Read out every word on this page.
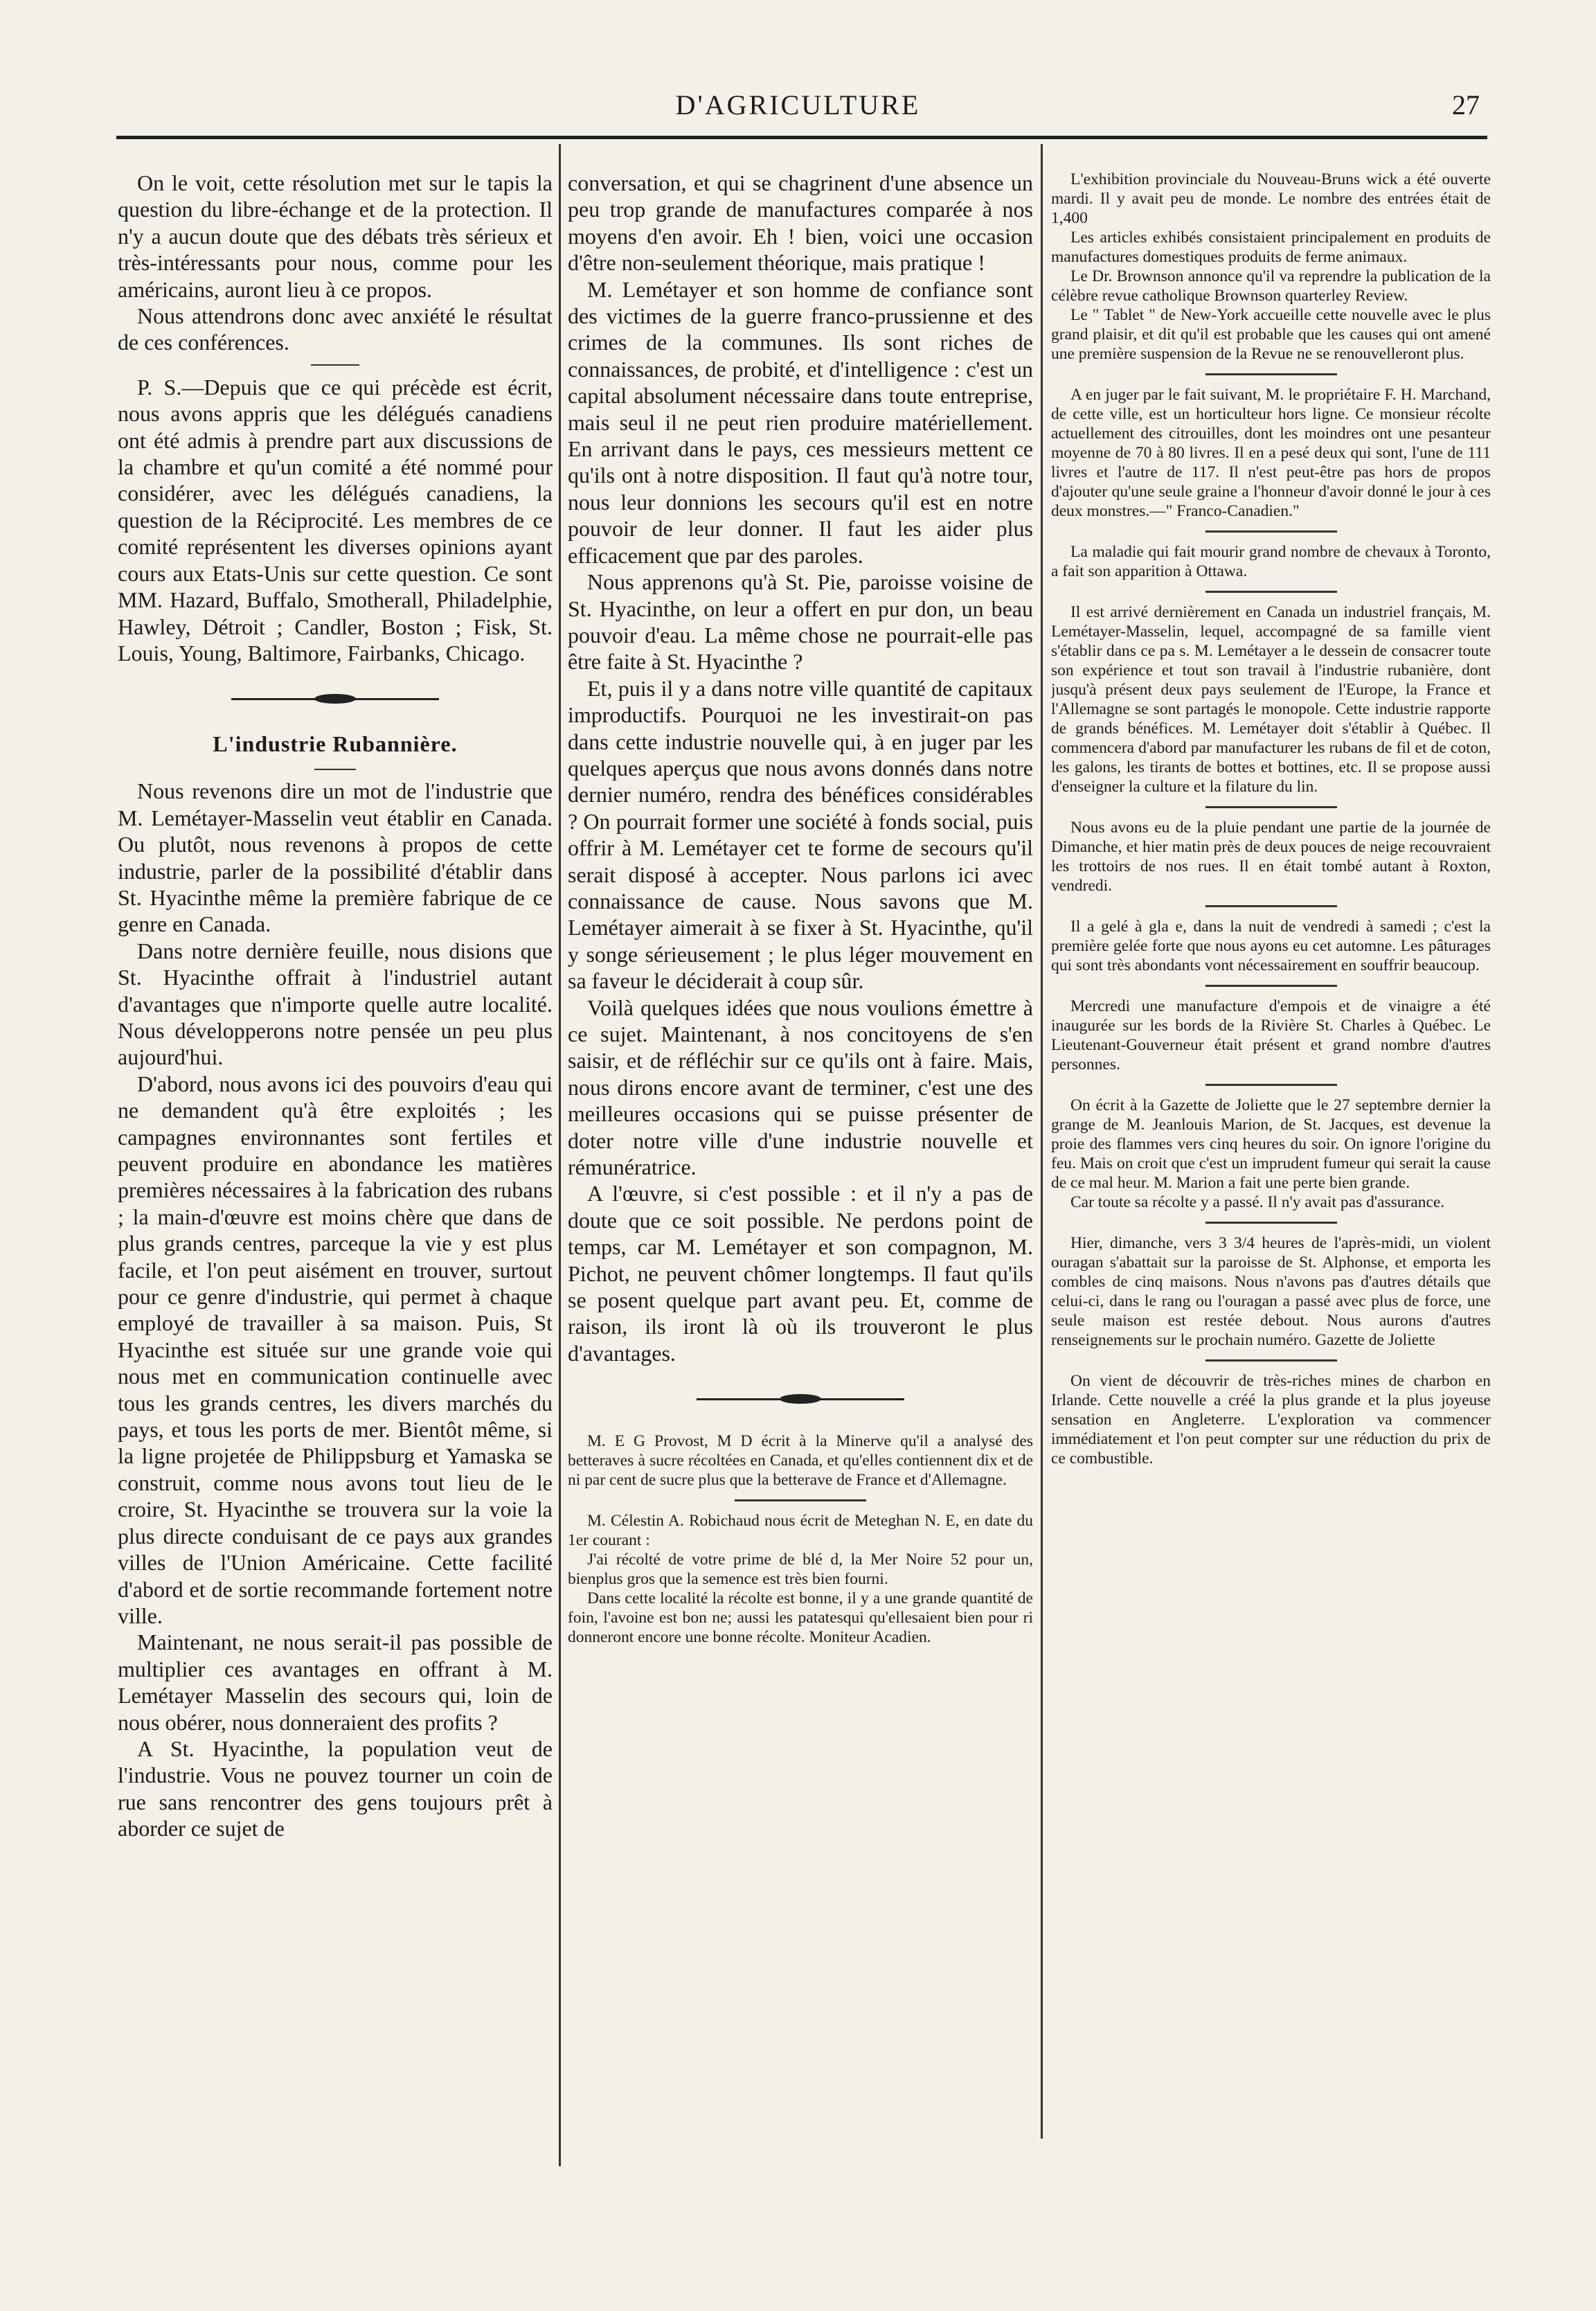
D'AGRICULTURE	27

On le voit, cette résolution met sur le tapis la question du libre-échange et de la protection. Il n'y a aucun doute que des débats très sérieux et très-intéressants pour nous, comme pour les américains, auront lieu à ce propos.

Nous attendrons donc avec anxiété le résultat de ces conférences.

P. S.—Depuis que ce qui précède est écrit, nous avons appris que les délégués canadiens ont été admis à prendre part aux discussions de la chambre et qu'un comité a été nommé pour considérer, avec les délégués canadiens, la question de la Réciprocité. Les membres de ce comité représentent les diverses opinions ayant cours aux Etats-Unis sur cette question. Ce sont MM. Hazard, Buffalo, Smotherall, Philadelphie, Hawley, Détroit ; Candler, Boston ; Fisk, St. Louis, Young, Baltimore, Fairbanks, Chicago.

L'industrie Rubannière.

Nous revenons dire un mot de l'industrie que M. Lemétayer-Masselin veut établir en Canada. Ou plutôt, nous revenons à propos de cette industrie, parler de la possibilité d'établir dans St. Hyacinthe même la première fabrique de ce genre en Canada.

Dans notre dernière feuille, nous disions que St. Hyacinthe offrait à l'industriel autant d'avantages que n'importe quelle autre localité. Nous développerons notre pensée un peu plus aujourd'hui.

D'abord, nous avons ici des pouvoirs d'eau qui ne demandent qu'à être exploités ; les campagnes environnantes sont fertiles et peuvent produire en abondance les matières premières nécessaires à la fabrication des rubans ; la main-d'œuvre est moins chère que dans de plus grands centres, parceque la vie y est plus facile, et l'on peut aisément en trouver, surtout pour ce genre d'industrie, qui permet à chaque employé de travailler à sa maison. Puis, St Hyacinthe est située sur une grande voie qui nous met en communication continuelle avec tous les grands centres, les divers marchés du pays, et tous les ports de mer. Bientôt même, si la ligne projetée de Philippsburg et Yamaska se construit, comme nous avons tout lieu de le croire, St. Hyacinthe se trouvera sur la voie la plus directe conduisant de ce pays aux grandes villes de l'Union Américaine. Cette facilité d'abord et de sortie recommande fortement notre ville.

Maintenant, ne nous serait-il pas possible de multiplier ces avantages en offrant à M. Lemétayer Masselin des secours qui, loin de nous obérer, nous donneraient des profits ?

A St. Hyacinthe, la population veut de l'industrie. Vous ne pouvez tourner un coin de rue sans rencontrer des gens toujours prêt à aborder ce sujet de

conversation, et qui se chagrinent d'une absence un peu trop grande de manufactures comparée à nos moyens d'en avoir. Eh ! bien, voici une occasion d'être non-seulement théorique, mais pratique !

M. Lemétayer et son homme de confiance sont des victimes de la guerre franco-prussienne et des crimes de la communes. Ils sont riches de connaissances, de probité, et d'intelligence : c'est un capital absolument nécessaire dans toute entreprise, mais seul il ne peut rien produire matériellement. En arrivant dans le pays, ces messieurs mettent ce qu'ils ont à notre disposition. Il faut qu'à notre tour, nous leur donnions les secours qu'il est en notre pouvoir de leur donner. Il faut les aider plus efficacement que par des paroles.

Nous apprenons qu'à St. Pie, paroisse voisine de St. Hyacinthe, on leur a offert en pur don, un beau pouvoir d'eau. La même chose ne pourrait-elle pas être faite à St. Hyacinthe ?

Et, puis il y a dans notre ville quantité de capitaux improductifs. Pourquoi ne les investirait-on pas dans cette industrie nouvelle qui, à en juger par les quelques aperçus que nous avons donnés dans notre dernier numéro, rendra des bénéfices considérables ? On pourrait former une société à fonds social, puis offrir à M. Lemétayer cet te forme de secours qu'il serait disposé à accepter. Nous parlons ici avec connaissance de cause. Nous savons que M. Lemétayer aimerait à se fixer à St. Hyacinthe, qu'il y songe sérieusement ; le plus léger mouvement en sa faveur le déciderait à coup sûr.

Voilà quelques idées que nous voulions émettre à ce sujet. Maintenant, à nos concitoyens de s'en saisir, et de réfléchir sur ce qu'ils ont à faire. Mais, nous dirons encore avant de terminer, c'est une des meilleures occasions qui se puisse présenter de doter notre ville d'une industrie nouvelle et rémunératrice.

A l'œuvre, si c'est possible : et il n'y a pas de doute que ce soit possible. Ne perdons point de temps, car M. Lemétayer et son compagnon, M. Pichot, ne peuvent chômer longtemps. Il faut qu'ils se posent quelque part avant peu. Et, comme de raison, ils iront là où ils trouveront le plus d'avantages.

M. E G Provost, M D écrit à la Minerve qu'il a analysé des betteraves à sucre récoltées en Canada, et qu'elles contiennent dix et de ni par cent de sucre plus que la betterave de France et d'Allemagne.

M. Célestin A. Robichaud nous écrit de Meteghan N. E, en date du 1er courant :

J'ai récolté de votre prime de blé d, la Mer Noire 52 pour un, bienplus gros que la semence est très bien fourni.

Dans cette localité la récolte est bonne, il y a une grande quantité de foin, l'avoine est bon ne; aussi les patatesqui qu'ellesaient bien pour ri donneront encore une bonne récolte. Moniteur Acadien.

L'exhibition provinciale du Nouveau-Bruns wick a été ouverte mardi. Il y avait peu de monde. Le nombre des entrées était de 1,400

Les articles exhibés consistaient principalement en produits de manufactures domestiques produits de ferme animaux.

Le Dr. Brownson annonce qu'il va reprendre la publication de la célèbre revue catholique Brownson quarterley Review.

Le " Tablet " de New-York accueille cette nouvelle avec le plus grand plaisir, et dit qu'il est probable que les causes qui ont amené une première suspension de la Revue ne se renouvelleront plus.

A en juger par le fait suivant, M. le propriétaire F. H. Marchand, de cette ville, est un horticulteur hors ligne. Ce monsieur récolte actuellement des citrouilles, dont les moindres ont une pesanteur moyenne de 70 à 80 livres. Il en a pesé deux qui sont, l'une de 111 livres et l'autre de 117. Il n'est peut-être pas hors de propos d'ajouter qu'une seule graine a l'honneur d'avoir donné le jour à ces deux monstres.—" Franco-Canadien."

La maladie qui fait mourir grand nombre de chevaux à Toronto, a fait son apparition à Ottawa.

Il est arrivé dernièrement en Canada un industriel français, M. Lemétayer-Masselin, lequel, accompagné de sa famille vient s'établir dans ce pa s. M. Lemétayer a le dessein de consacrer toute son expérience et tout son travail à l'industrie rubanière, dont jusqu'à présent deux pays seulement de l'Europe, la France et l'Allemagne se sont partagés le monopole. Cette industrie rapporte de grands bénéfices. M. Lemétayer doit s'établir à Québec. Il commencera d'abord par manufacturer les rubans de fil et de coton, les galons, les tirants de bottes et bottines, etc. Il se propose aussi d'enseigner la culture et la filature du lin.

Nous avons eu de la pluie pendant une partie de la journée de Dimanche, et hier matin près de deux pouces de neige recouvraient les trottoirs de nos rues. Il en était tombé autant à Roxton, vendredi.

Il a gelé à gla e, dans la nuit de vendredi à samedi ; c'est la première gelée forte que nous ayons eu cet automne. Les pâturages qui sont très abondants vont nécessairement en souffrir beaucoup.

Mercredi une manufacture d'empois et de vinaigre a été inaugurée sur les bords de la Rivière St. Charles à Québec. Le Lieutenant-Gouverneur était présent et grand nombre d'autres personnes.

On écrit à la Gazette de Joliette que le 27 septembre dernier la grange de M. Jeanlouis Marion, de St. Jacques, est devenue la proie des flammes vers cinq heures du soir. On ignore l'origine du feu. Mais on croit que c'est un imprudent fumeur qui serait la cause de ce mal heur. M. Marion a fait une perte bien grande.

Car toute sa récolte y a passé. Il n'y avait pas d'assurance.

Hier, dimanche, vers 3 3/4 heures de l'après-midi, un violent ouragan s'abattait sur la paroisse de St. Alphonse, et emporta les combles de cinq maisons. Nous n'avons pas d'autres détails que celui-ci, dans le rang ou l'ouragan a passé avec plus de force, une seule maison est restée debout. Nous aurons d'autres renseignements sur le prochain numéro. Gazette de Joliette

On vient de découvrir de très-riches mines de charbon en Irlande. Cette nouvelle a créé la plus grande et la plus joyeuse sensation en Angleterre. L'exploration va commencer immédiatement et l'on peut compter sur une réduction du prix de ce combustible.
